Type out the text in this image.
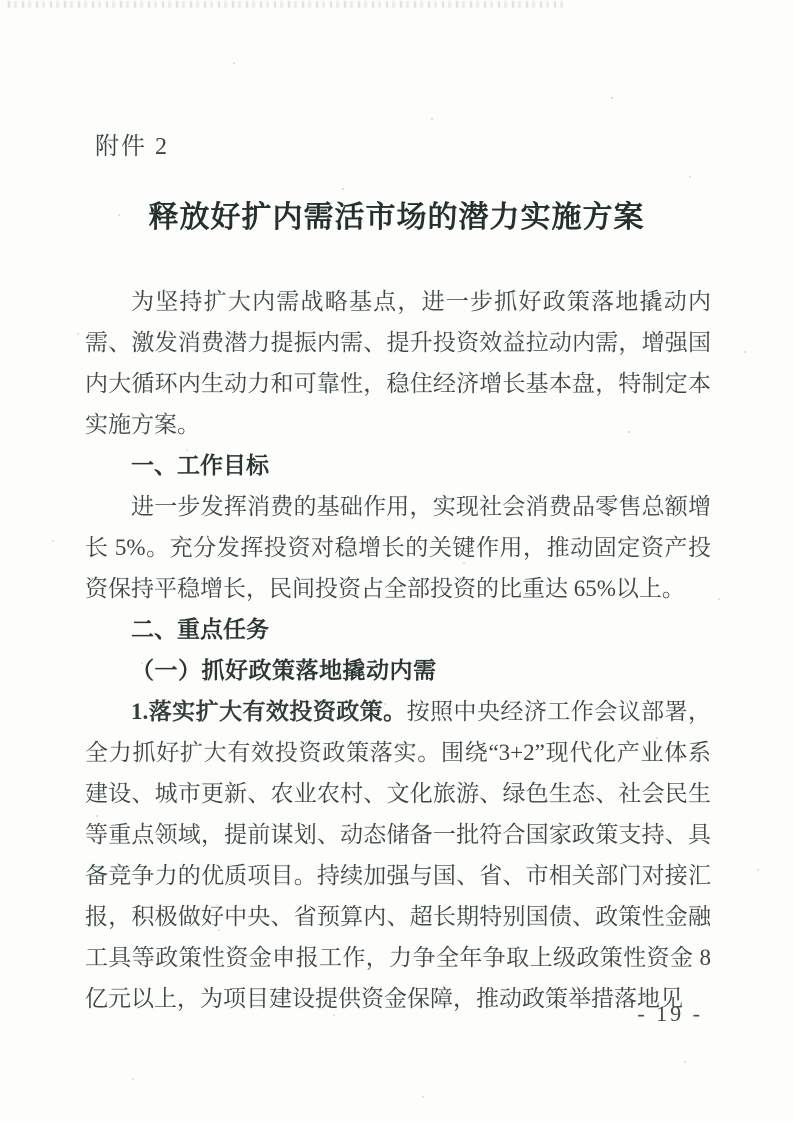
附件 2
释放好扩内需活市场的潜力实施方案

为坚持扩大内需战略基点，进一步抓好政策落地撬动内需、激发消费潜力提振内需、提升投资效益拉动内需，增强国内大循环内生动力和可靠性，稳住经济增长基本盘，特制定本实施方案。

一、工作目标

进一步发挥消费的基础作用，实现社会消费品零售总额增长 5%。充分发挥投资对稳增长的关键作用，推动固定资产投资保持平稳增长，民间投资占全部投资的比重达 65%以上。

二、重点任务
（一）抓好政策落地撬动内需

1.落实扩大有效投资政策。按照中央经济工作会议部署，全力抓好扩大有效投资政策落实。围绕“3+2”现代化产业体系建设、城市更新、农业农村、文化旅游、绿色生态、社会民生等重点领域，提前谋划、动态储备一批符合国家政策支持、具备竞争力的优质项目。持续加强与国、省、市相关部门对接汇报，积极做好中央、省预算内、超长期特别国债、政策性金融工具等政策性资金申报工作，力争全年争取上级政策性资金 8 亿元以上，为项目建设提供资金保障，推动政策举措落地见

- 19 -
